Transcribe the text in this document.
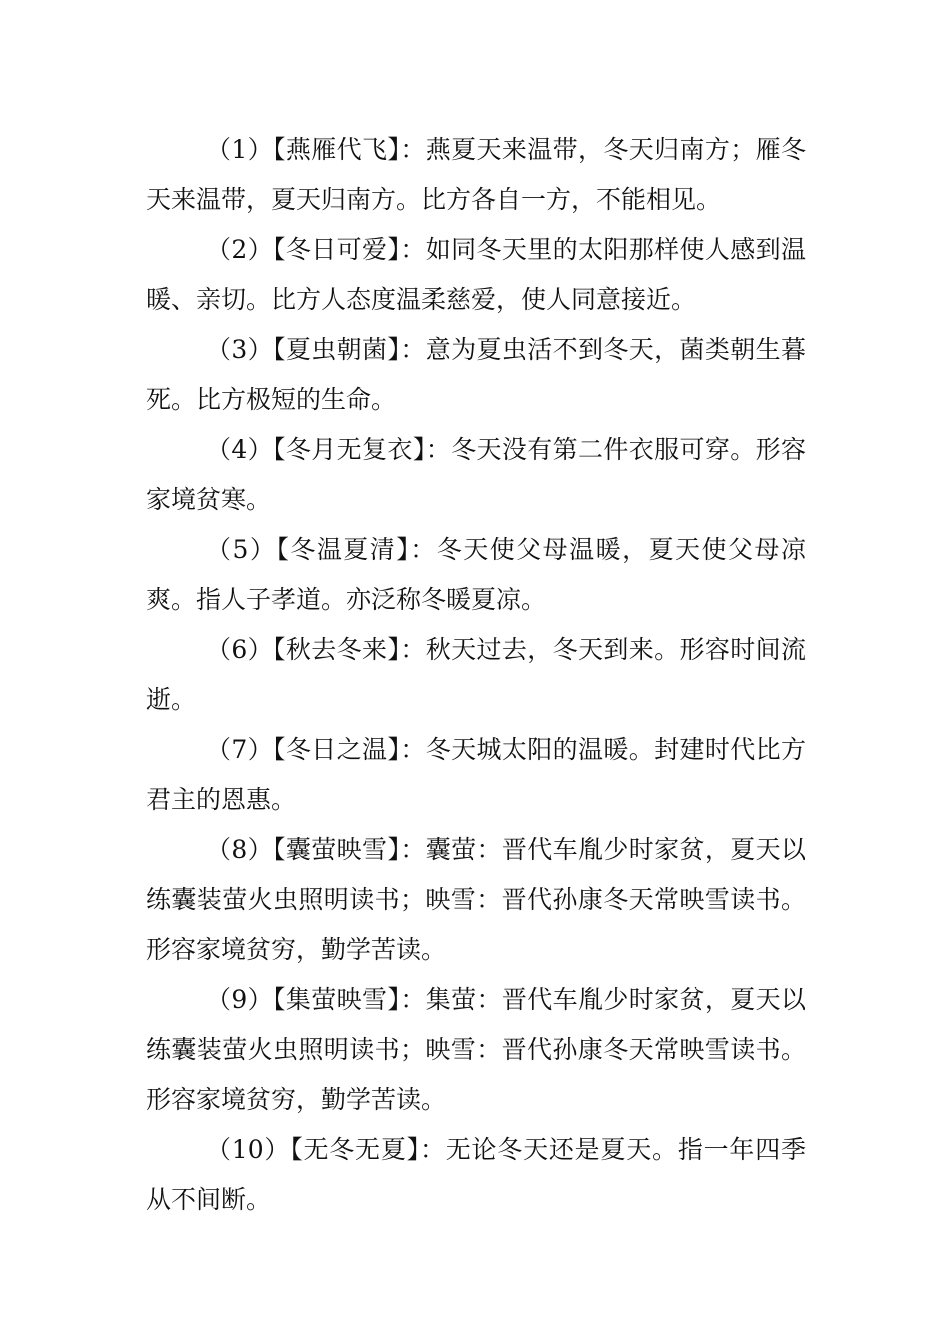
（1）【燕雁代飞】：燕夏天来温带，冬天归南方；雁冬天来温带，夏天归南方。比方各自一方，不能相见。

（2）【冬日可爱】：如同冬天里的太阳那样使人感到温暖、亲切。比方人态度温柔慈爱，使人同意接近。

（3）【夏虫朝菌】：意为夏虫活不到冬天，菌类朝生暮死。比方极短的生命。

（4）【冬月无复衣】：冬天没有第二件衣服可穿。形容家境贫寒。

（5）【冬温夏清】：冬天使父母温暖，夏天使父母凉爽。指人子孝道。亦泛称冬暖夏凉。

（6）【秋去冬来】：秋天过去，冬天到来。形容时间流逝。

（7）【冬日之温】：冬天城太阳的温暖。封建时代比方君主的恩惠。

（8）【囊萤映雪】：囊萤：晋代车胤少时家贫，夏天以练囊装萤火虫照明读书；映雪：晋代孙康冬天常映雪读书。形容家境贫穷，勤学苦读。

（9）【集萤映雪】：集萤：晋代车胤少时家贫，夏天以练囊装萤火虫照明读书；映雪：晋代孙康冬天常映雪读书。形容家境贫穷，勤学苦读。

（10）【无冬无夏】：无论冬天还是夏天。指一年四季从不间断。
